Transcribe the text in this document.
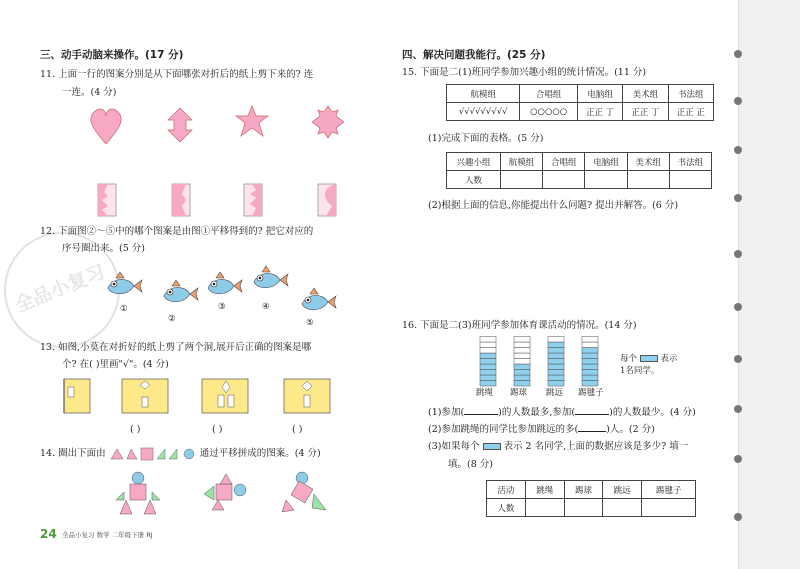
全品小复习
三、动手动脑来操作。(17 分)
11. 上面一行的图案分别是从下面哪张对折后的纸上剪下来的? 连
一连。(4 分)
12. 下面图②～⑤中的哪个图案是由图①平移得到的? 把它对应的
序号圈出来。(5 分)
①
②
③	④
⑤
13. 如图,小莫在对折好的纸上剪了两个洞,展开后正确的图案是哪
个? 在( )里画"√"。(4 分)
( )	( )	( )
14. 圈出下面由	通过平移拼成的图案。(4 分)
24 全品小复习 数学 二年级下册 RJ
四、解决问题我能行。(25 分)
15. 下面是二(1)班同学参加兴趣小组的统计情况。(11 分)
航模组	合唱组	电脑组	美术组	书法组
√√√√√√√√√	○○○○○	正正 丁	正正 丁	正正 正
(1)完成下面的表格。(5 分)
兴趣小组	航模组	合唱组	电脑组	美术组	书法组
人数					
(2)根据上面的信息,你能提出什么问题? 提出并解答。(6 分)
16. 下面是二(3)班同学参加体育课活动的情况。(14 分)
跳绳 踢球 跳远 踢毽子
每个	表示
1名同学。
(1)参加(	)的人数最多,参加(	)的人数最少。(4 分)
(2)参加跳绳的同学比参加跳远的多(	)人。(2 分)
(3)如果每个	表示 2 名同学,上面的数据应该是多少? 填一
填。(8 分)
活动	跳绳	踢球	跳远	踢毽子
人数				
